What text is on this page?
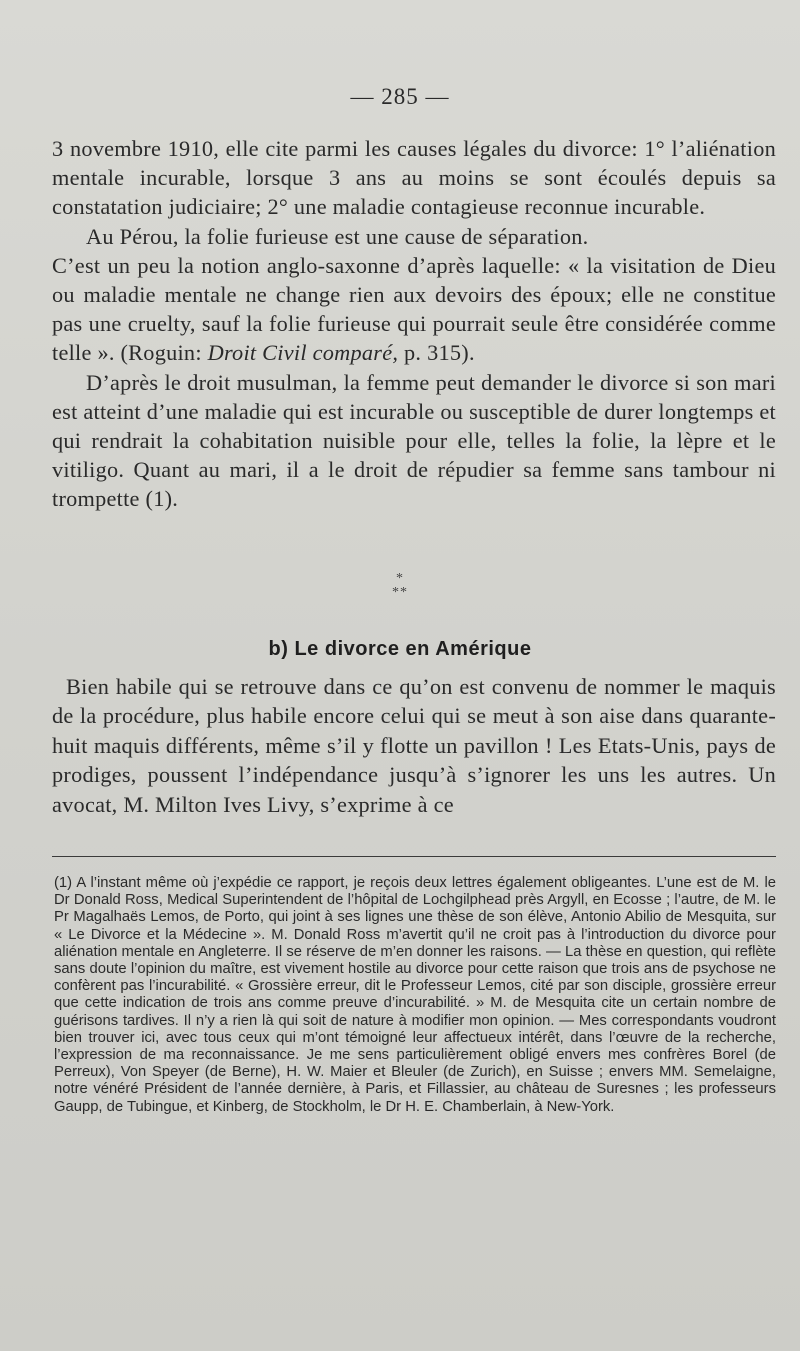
— 285 —

3 novembre 1910, elle cite parmi les causes légales du divorce: 1° l’aliénation mentale incurable, lorsque 3 ans au moins se sont écoulés depuis sa constatation judiciaire; 2° une maladie contagieuse reconnue incurable.

Au Pérou, la folie furieuse est une cause de séparation.

C’est un peu la notion anglo-saxonne d’après laquelle: « la visitation de Dieu ou maladie mentale ne change rien aux devoirs des époux; elle ne constitue pas une cruelty, sauf la folie furieuse qui pourrait seule être considérée comme telle ». (Roguin: Droit Civil comparé, p. 315).

D’après le droit musulman, la femme peut demander le divorce si son mari est atteint d’une maladie qui est incurable ou susceptible de durer longtemps et qui rendrait la cohabitation nuisible pour elle, telles la folie, la lèpre et le vitiligo. Quant au mari, il a le droit de répudier sa femme sans tambour ni trompette (1).

*
**
b) Le divorce en Amérique

Bien habile qui se retrouve dans ce qu’on est convenu de nommer le maquis de la procédure, plus habile encore celui qui se meut à son aise dans quarante-huit maquis différents, même s’il y flotte un pavillon ! Les Etats-Unis, pays de prodiges, poussent l’indépendance jusqu’à s’ignorer les uns les autres. Un avocat, M. Milton Ives Livy, s’exprime à ce

(1) A l’instant même où j’expédie ce rapport, je reçois deux lettres également obligeantes. L’une est de M. le Dr Donald Ross, Medical Superintendent de l’hôpital de Lochgilphead près Argyll, en Ecosse ; l’autre, de M. le Pr Magalhaës Lemos, de Porto, qui joint à ses lignes une thèse de son élève, Antonio Abilio de Mesquita, sur « Le Divorce et la Médecine ». M. Donald Ross m’avertit qu’il ne croit pas à l’introduction du divorce pour aliénation mentale en Angleterre. Il se réserve de m’en donner les raisons. — La thèse en question, qui reflète sans doute l’opinion du maître, est vivement hostile au divorce pour cette raison que trois ans de psychose ne confèrent pas l’incurabilité. « Grossière erreur, dit le Professeur Lemos, cité par son disciple, grossière erreur que cette indication de trois ans comme preuve d’incurabilité. » M. de Mesquita cite un certain nombre de guérisons tardives. Il n’y a rien là qui soit de nature à modifier mon opinion. — Mes correspondants voudront bien trouver ici, avec tous ceux qui m’ont témoigné leur affectueux intérêt, dans l’œuvre de la recherche, l’expression de ma reconnaissance. Je me sens particulièrement obligé envers mes confrères Borel (de Perreux), Von Speyer (de Berne), H. W. Maier et Bleuler (de Zurich), en Suisse ; envers MM. Semelaigne, notre vénéré Président de l’année dernière, à Paris, et Fillassier, au château de Suresnes ; les professeurs Gaupp, de Tubingue, et Kinberg, de Stockholm, le Dr H. E. Chamberlain, à New-York.
